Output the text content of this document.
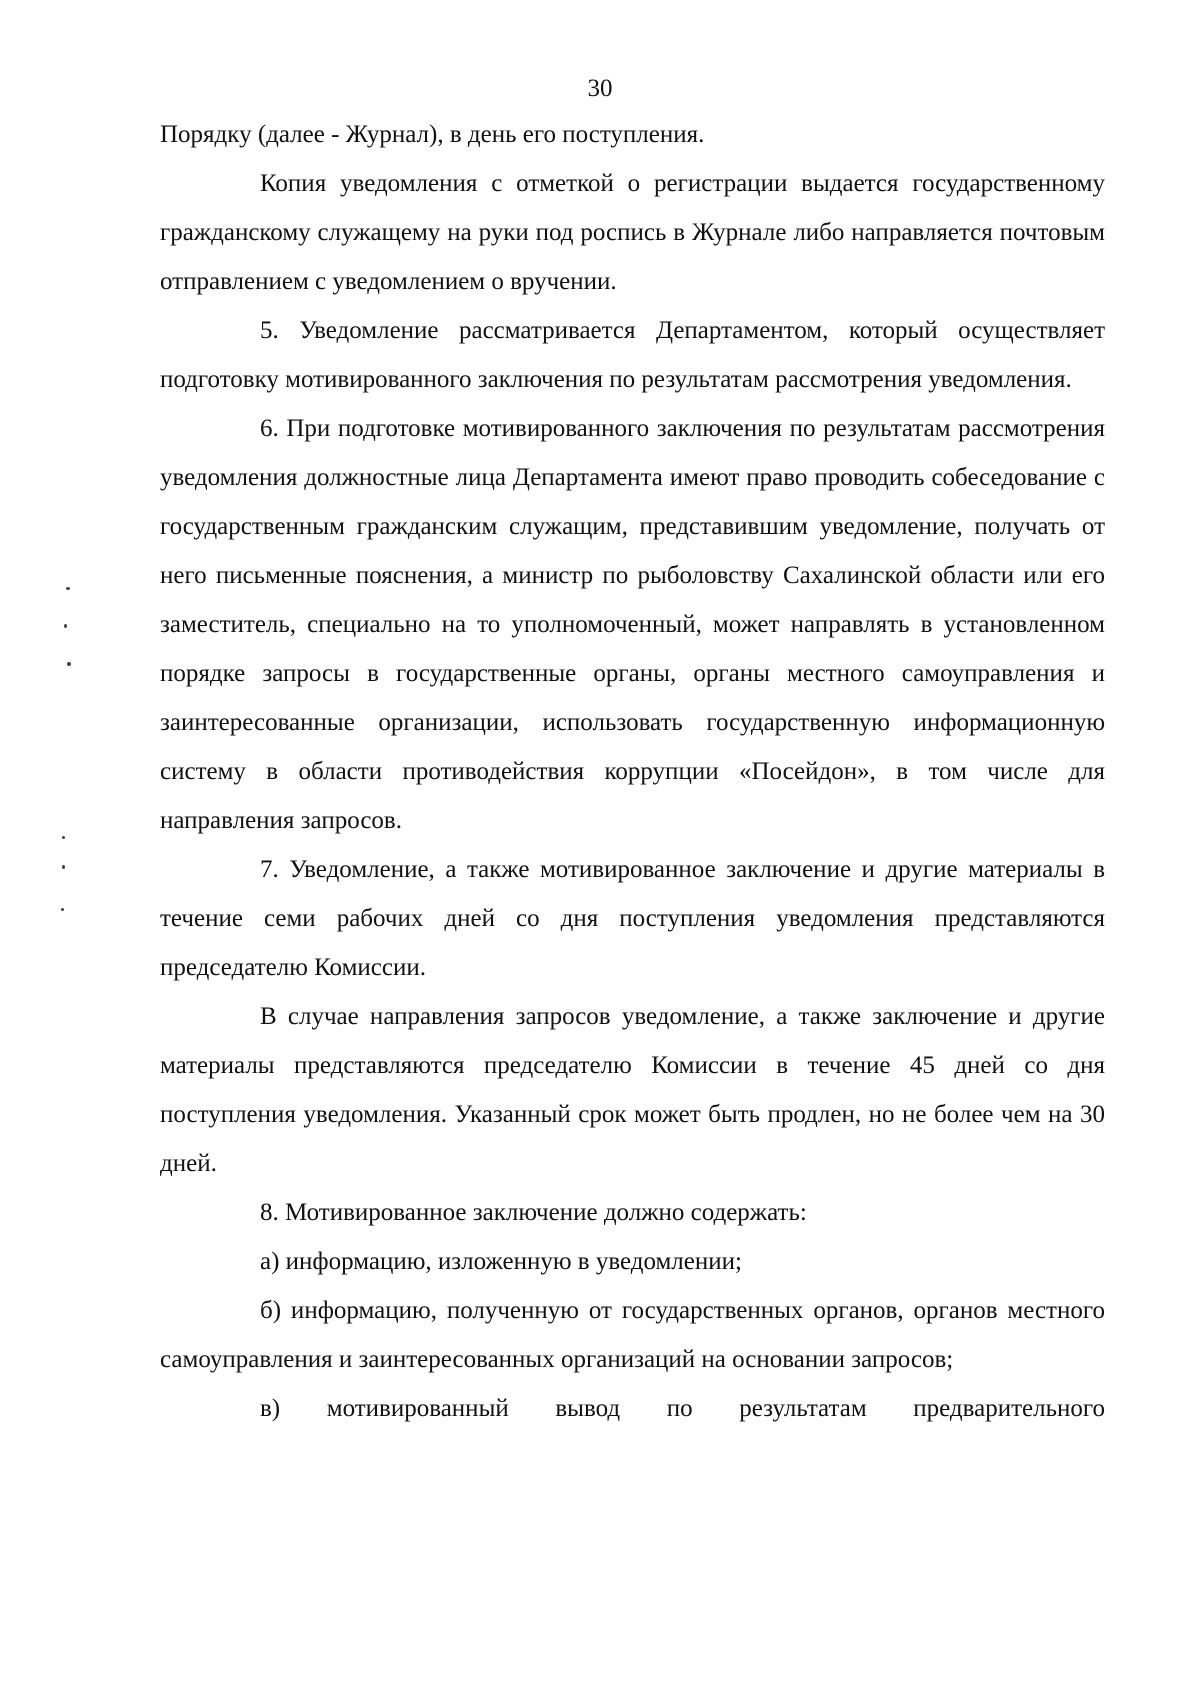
30

Порядку (далее - Журнал), в день его поступления.

Копия уведомления с отметкой о регистрации выдается государственному гражданскому служащему на руки под роспись в Журнале либо направляется почтовым отправлением с уведомлением о вручении.

5. Уведомление рассматривается Департаментом, который осуществляет подготовку мотивированного заключения по результатам рассмотрения уведомления.

6. При подготовке мотивированного заключения по результатам рассмотрения уведомления должностные лица Департамента имеют право проводить собеседование с государственным гражданским служащим, представившим уведомление, получать от него письменные пояснения, а министр по рыболовству Сахалинской области или его заместитель, специально на то уполномоченный, может направлять в установленном порядке запросы в государственные органы, органы местного самоуправления и заинтересованные организации, использовать государственную информационную систему в области противодействия коррупции «Посейдон», в том числе для направления запросов.

7. Уведомление, а также мотивированное заключение и другие материалы в течение семи рабочих дней со дня поступления уведомления представляются председателю Комиссии.

В случае направления запросов уведомление, а также заключение и другие материалы представляются председателю Комиссии в течение 45 дней со дня поступления уведомления. Указанный срок может быть продлен, но не более чем на 30 дней.

8. Мотивированное заключение должно содержать:

а) информацию, изложенную в уведомлении;

б) информацию, полученную от государственных органов, органов местного самоуправления и заинтересованных организаций на основании запросов;

в) мотивированный вывод по результатам предварительного
